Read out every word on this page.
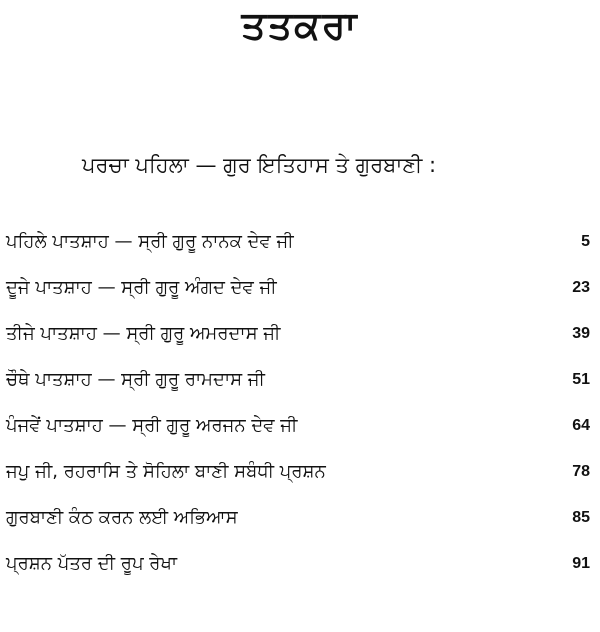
ਤਤਕਰਾ
ਪਰਚਾ ਪਹਿਲਾ — ਗੁਰ ਇਤਿਹਾਸ ਤੇ ਗੁਰਬਾਣੀ :
ਪਹਿਲੇ ਪਾਤਸ਼ਾਹ — ਸ੍ਰੀ ਗੁਰੂ ਨਾਨਕ ਦੇਵ ਜੀ	5
ਦੂਜੇ ਪਾਤਸ਼ਾਹ — ਸ੍ਰੀ ਗੁਰੂ ਅੰਗਦ ਦੇਵ ਜੀ	23
ਤੀਜੇ ਪਾਤਸ਼ਾਹ — ਸ੍ਰੀ ਗੁਰੂ ਅਮਰਦਾਸ ਜੀ	39
ਚੌਥੇ ਪਾਤਸ਼ਾਹ — ਸ੍ਰੀ ਗੁਰੂ ਰਾਮਦਾਸ ਜੀ	51
ਪੰਜਵੇਂ ਪਾਤਸ਼ਾਹ — ਸ੍ਰੀ ਗੁਰੂ ਅਰਜਨ ਦੇਵ ਜੀ	64
ਜਪੁ ਜੀ, ਰਹਰਾਸਿ ਤੇ ਸੋਹਿਲਾ ਬਾਣੀ ਸਬੰਧੀ ਪ੍ਰਸ਼ਨ	78
ਗੁਰਬਾਣੀ ਕੰਠ ਕਰਨ ਲਈ ਅਭਿਆਸ	85
ਪ੍ਰਸ਼ਨ ਪੱਤਰ ਦੀ ਰੂਪ ਰੇਖਾ	91
